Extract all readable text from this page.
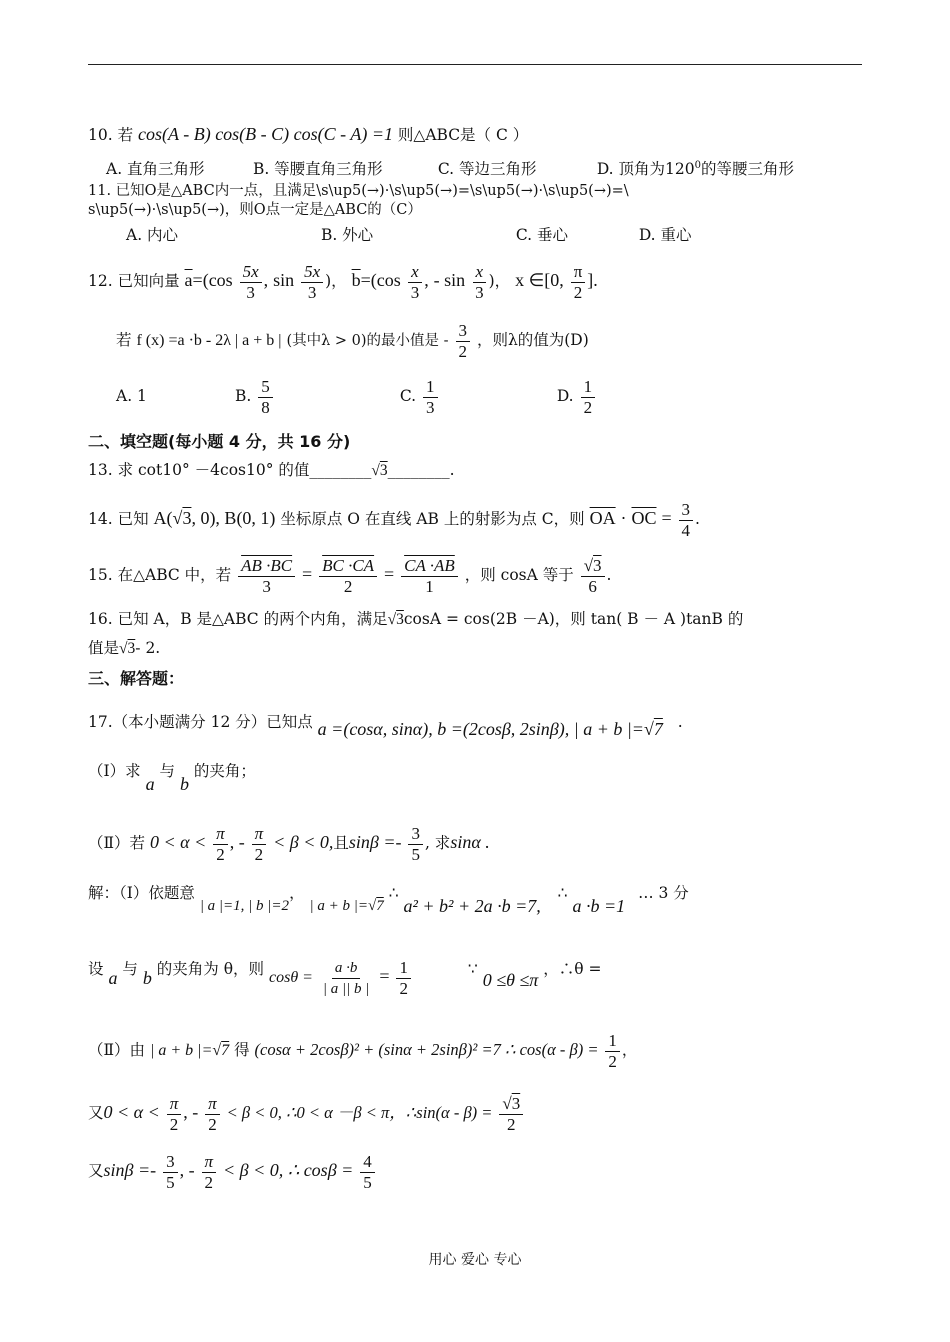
10. 若 cos(A - B) cos(B - C) cos(C - A) =1 则△ABC是（ C ）
A. 直角三角形	B. 等腰直角三角形	C. 等边三角形	D. 顶角为$120^0$的等腰三角形
11. 已知O是△ABC内一点，且满足\s\up5(→)·\s\up5(→)=\s\up5(→)·\s\up5(→)=\
s\up5(→)·\s\up5(→)，则O点一定是△ABC的（C）
A. 内心	B. 外心	C. 垂心	D. 重心
12. 已知向量 $\overline{a}=(\cos \frac{5x}{3}$ , $\sin \frac{5x}{3}$ )， $\overline{b}=(\cos \frac{x}{3}$ , - $\sin \frac{x}{3}$ )， x ∈[0, $\frac{\pi}{2}$ ].
若 f (x) =a ·b - 2λ | a + b | (其中λ > 0)的最小值是 - $\frac{3}{2}$ ，则λ的值为(D)
A. 1	B. $\frac{5}{8}$	C. $\frac{1}{3}$	D. $\frac{1}{2}$
二、填空题(每小题 4 分，共 16 分)
13. 求 cot10° －4cos10° 的值________√3________.
14. 已知 A(√3, 0), B(0, 1) 坐标原点 O 在直线 AB 上的射影为点 C，则 $\overline{OA} \cdot \overline{OC} = \frac{3}{4}$ .
15. 在△ABC 中，若 $\frac{AB \cdot BC}{3} = \frac{BC \cdot CA}{2} = \frac{CA \cdot AB}{1}$ ，则 cosA 等于 $\frac{√3}{6}$ .
16. 已知 A，B 是△ABC 的两个内角，满足√3cosA = cos(2B －A)，则 tan( B － A )tanB 的
值是√3- 2.
三、解答题：
17.（本小题满分 12 分）已知点 a =(cosα, sinα), b =(2cosβ, 2sinβ), | a + b |=√7 .
（Ⅰ）求 a 与 b 的夹角；
（Ⅱ）若 $0 < \alpha < \frac{\pi}{2}$ , - $\frac{\pi}{2} < \beta < 0$,且$\sin\beta =- \frac{3}{5}$ , 求sinα .
解：（Ⅰ）依题意 | a |=1, | b |=2， | a + b |=√7 ∴ a² + b² + 2a ·b =7, ∴ a ·b =1 … 3 分
设 a 与 b 的夹角为 θ，则 $\cos\theta = \frac{a \cdot b}{| a || b |} = \frac{1}{2}$	∵ 0 ≤θ ≤π ，∴θ =
（Ⅱ）由 | a + b |=√7 得 (cosα + 2cosβ)² + (sinα + 2sinβ)² =7 ∴ $\cos(\alpha - \beta) = \frac{1}{2}$ ，
又$0 < \alpha < \frac{\pi}{2}$ , - $\frac{\pi}{2} < \beta < 0$, ∴0 < α －β < π，∴sin(α - $\beta) = \frac{√3}{2}$
又$\sin\beta =- \frac{3}{5}$ , - $\frac{\pi}{2} < \beta < 0$, ∴ $\cos\beta = \frac{4}{5}$
用心 爱心 专心
